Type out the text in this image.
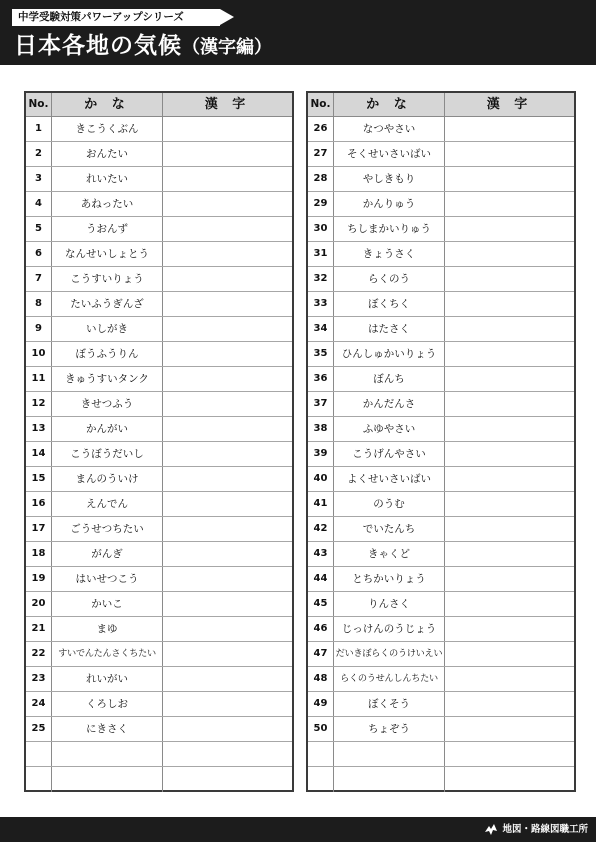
中学受験対策パワーアップシリーズ
日本各地の気候（漢字編）
No.	か な	漢 字
1	きこうくぶん
2	おんたい
3	れいたい
4	あねったい
5	うおんず
6	なんせいしょとう
7	こうすいりょう
8	たいふうぎんざ
9	いしがき
10	ぼうふうりん
11	きゅうすいタンク
12	きせつふう
13	かんがい
14	こうぼうだいし
15	まんのういけ
16	えんでん
17	ごうせつちたい
18	がんぎ
19	はいせつこう
20	かいこ
21	まゆ
22	すいでんたんさくちたい
23	れいがい
24	くろしお
25	にきさく
No.	か な	漢 字
26	なつやさい
27	そくせいさいばい
28	やしきもり
29	かんりゅう
30	ちしまかいりゅう
31	きょうさく
32	らくのう
33	ぼくちく
34	はたさく
35	ひんしゅかいりょう
36	ぼんち
37	かんだんさ
38	ふゆやさい
39	こうげんやさい
40	よくせいさいばい
41	のうむ
42	でいたんち
43	きゃくど
44	とちかいりょう
45	りんさく
46	じっけんのうじょう
47 だいきぼらくのうけいえい
48	らくのうせんしんちたい
49	ぼくそう
50	ちょぞう
地図・路線図職工所
